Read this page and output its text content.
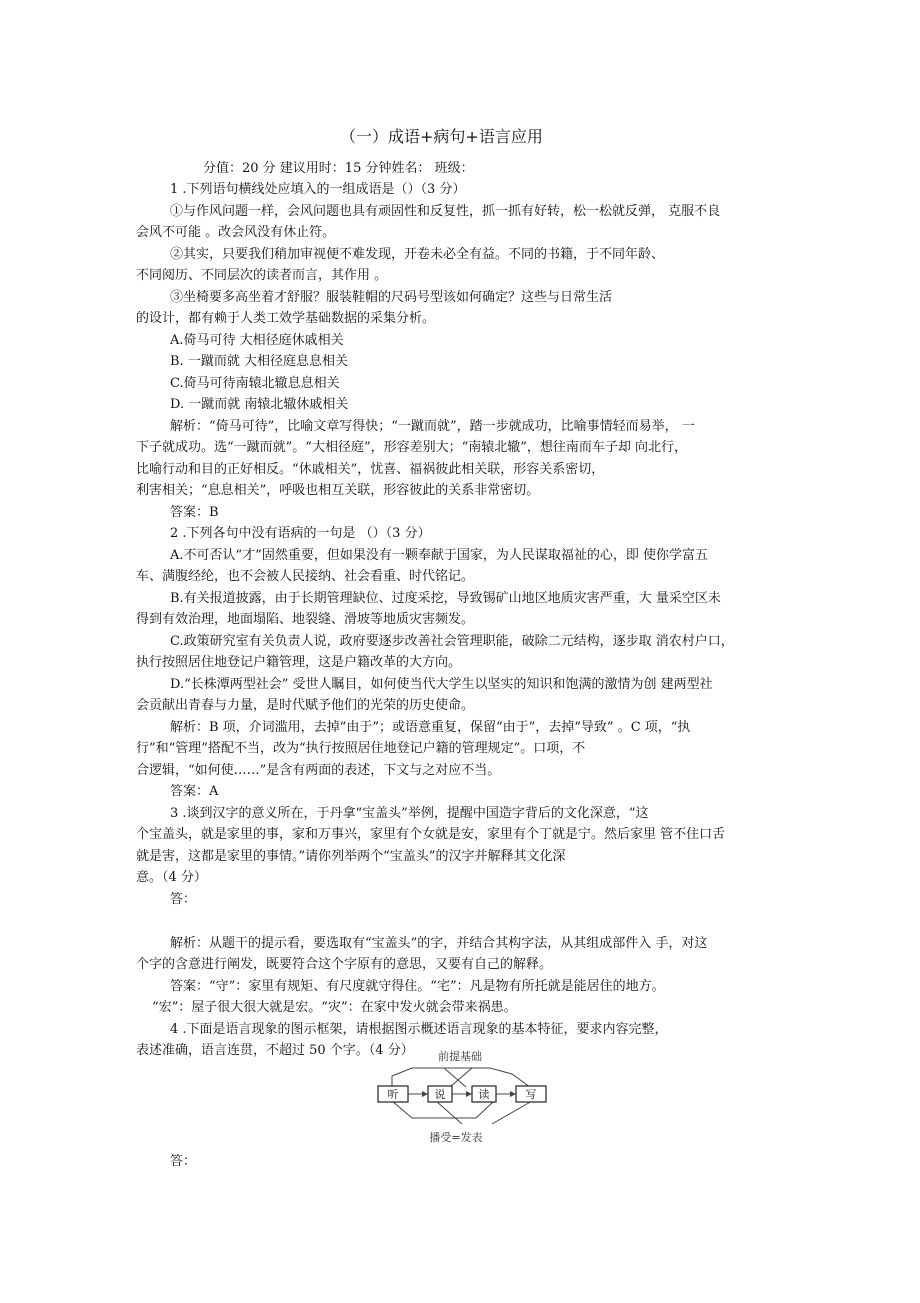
（一）成语+病句+语言应用
分值：20 分 建议用时：15 分钟姓名： 班级：
1 .下列语句横线处应填入的一组成语是（）（3 分）
①与作风问题一样，会风问题也具有顽固性和反复性，抓一抓有好转，松一松就反弹， 克服不良
会风不可能 。改会风没有休止符。
②其实，只要我们稍加审视便不难发现，开卷未必全有益。不同的书籍，于不同年龄、
不同阅历、不同层次的读者而言，其作用 。
③坐椅要多高坐着才舒服？服装鞋帽的尺码号型该如何确定？这些与日常生活
的设计，都有赖于人类工效学基础数据的采集分析。
A.倚马可待 大相径庭休戚相关
B. 一蹴而就 大相径庭息息相关
C.倚马可待南辕北辙息息相关
D. 一蹴而就 南辕北辙休戚相关
解析：“倚马可待”，比喻文章写得快；“一蹴而就”，踏一步就成功，比喻事情轻而易举， 一
下子就成功。选“一蹴而就”。“大相径庭”，形容差别大；“南辕北辙”，想往南而车子却 向北行，
比喻行动和目的正好相反。“休戚相关”，忧喜、福祸彼此相关联，形容关系密切，
利害相关；“息息相关”，呼吸也相互关联，形容彼此的关系非常密切。
答案：B
2 .下列各句中没有语病的一句是 （）（3 分）
A.不可否认“才”固然重要，但如果没有一颗奉献于国家，为人民谋取福祉的心，即 使你学富五
车、满腹经纶，也不会被人民接纳、社会看重、时代铭记。
B.有关报道披露，由于长期管理缺位、过度采挖，导致锡矿山地区地质灾害严重，大 量采空区未
得到有效治理，地面塌陷、地裂缝、滑坡等地质灾害频发。
C.政策研究室有关负责人说，政府要逐步改善社会管理职能，破除二元结构，逐步取 消农村户口，
执行按照居住地登记户籍管理，这是户籍改革的大方向。
D.“长株潭两型社会” 受世人瞩目，如何使当代大学生以坚实的知识和饱满的激情为创 建两型社
会贡献出青春与力量，是时代赋予他们的光荣的历史使命。
解析：B 项，介词滥用，去掉“由于”；或语意重复，保留“由于”，去掉“导致” 。C 项，“执
行”和“管理”搭配不当，改为“执行按照居住地登记户籍的管理规定”。口项，不
合逻辑，“如何使……”是含有两面的表述，下文与之对应不当。
答案：A
3 .谈到汉字的意义所在，于丹拿“宝盖头”举例，提醒中国造字背后的文化深意，“这
个宝盖头，就是家里的事，家和万事兴，家里有个女就是安，家里有个丁就是宁。然后家里 管不住口舌
就是害，这都是家里的事情。”请你列举两个“宝盖头”的汉字并解释其文化深
意。（4 分）
答：
解析：从题干的提示看，要选取有“宝盖头”的字，并结合其构字法，从其组成部件入 手，对这
个字的含意进行阐发，既要符合这个字原有的意思，又要有自己的解释。
答案：“守”：家里有规矩、有尺度就守得住。“宅”：凡是物有所托就是能居住的地方。
“宏”：屋子很大很大就是宏。“灾”：在家中发火就会带来祸患。
4 .下面是语言现象的图示框架，请根据图示概述语言现象的基本特征，要求内容完整，
表述准确，语言连贯，不超过 50 个字。（4 分） 前提基础
听	说	读	写
播受=发表
答：
